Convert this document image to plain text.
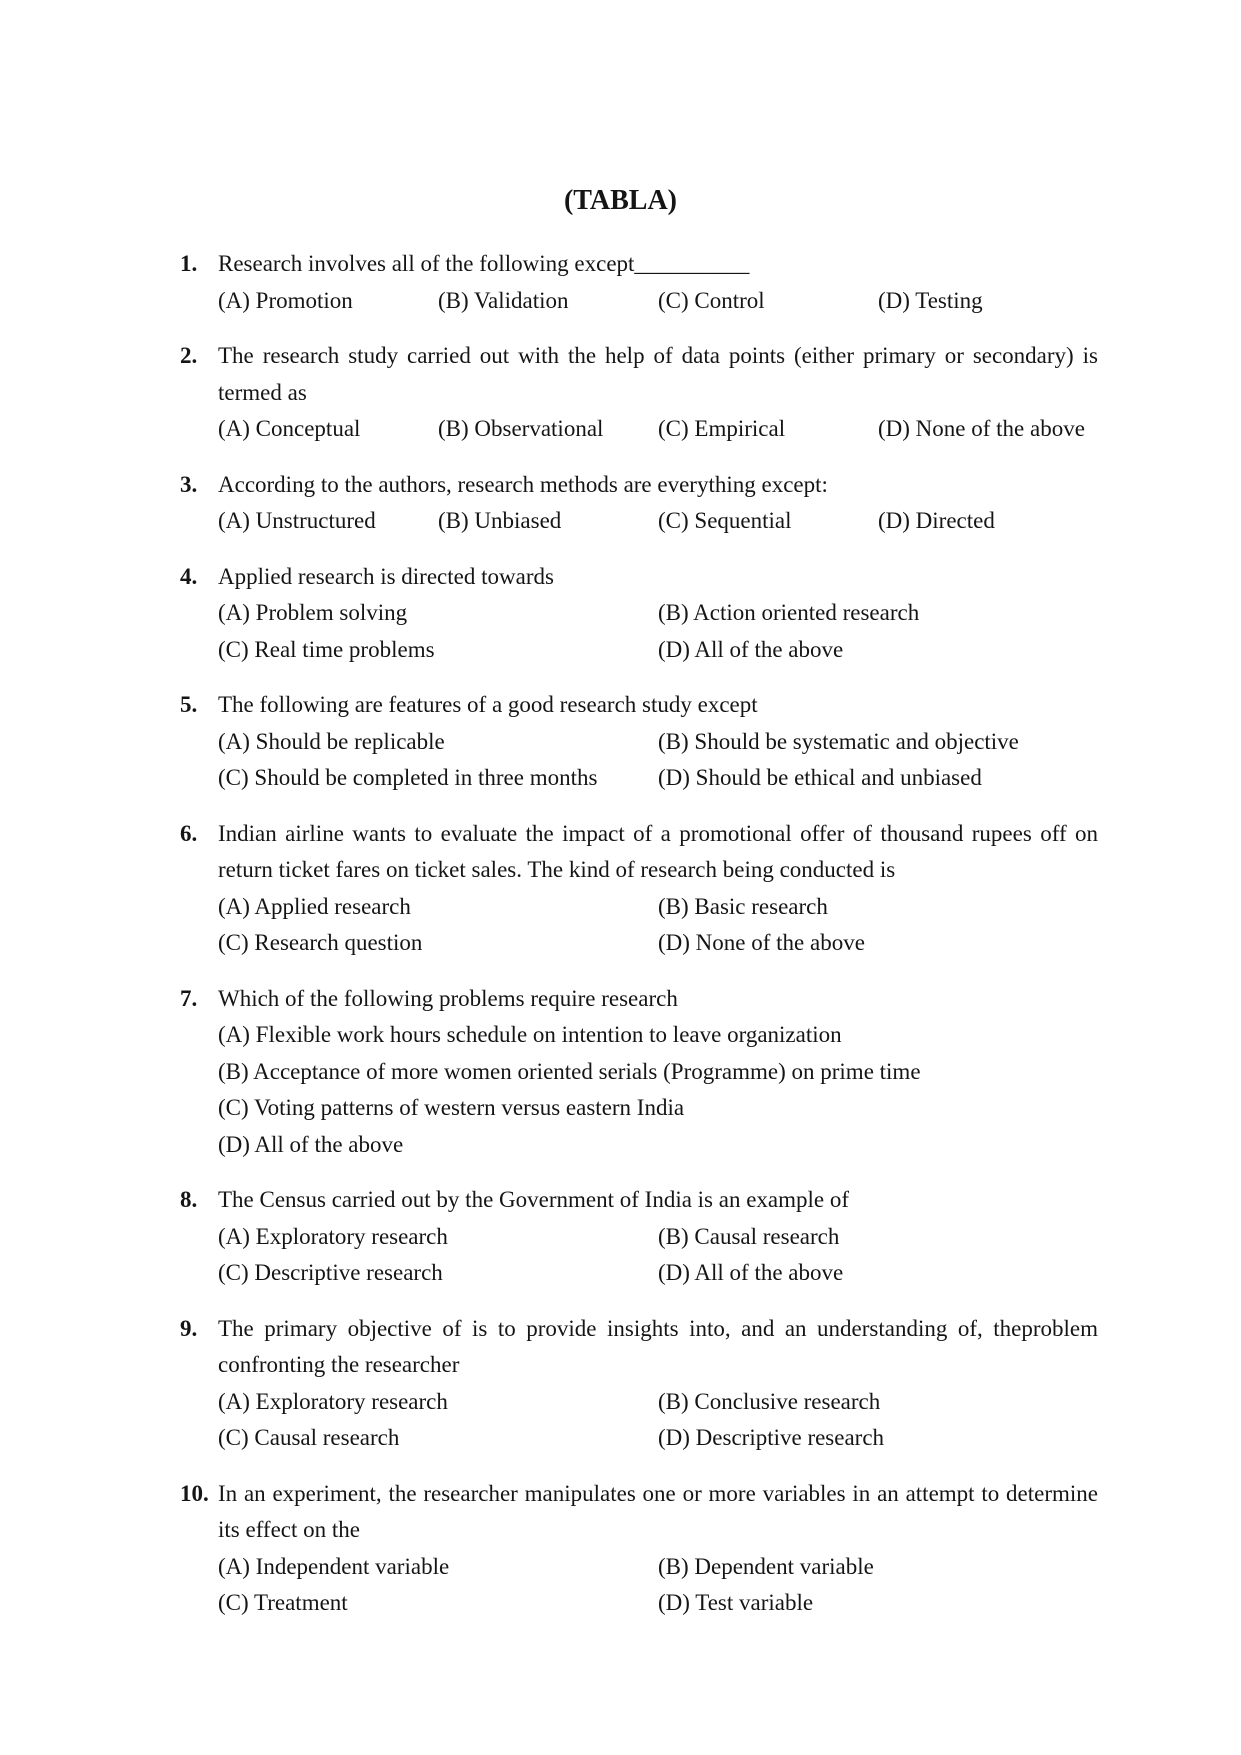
(TABLA)
1. Research involves all of the following except__________
(A) Promotion	(B) Validation	(C) Control	(D) Testing
2. The research study carried out with the help of data points (either primary or secondary) is termed as
(A) Conceptual	(B) Observational	(C) Empirical	(D) None of the above
3. According to the authors, research methods are everything except:
(A) Unstructured	(B) Unbiased	(C) Sequential	(D) Directed
4. Applied research is directed towards
(A) Problem solving	(B) Action oriented research
(C) Real time problems	(D) All of the above
5. The following are features of a good research study except
(A) Should be replicable	(B) Should be systematic and objective
(C) Should be completed in three months	(D) Should be ethical and unbiased
6. Indian airline wants to evaluate the impact of a promotional offer of thousand rupees off on return ticket fares on ticket sales. The kind of research being conducted is
(A) Applied research	(B) Basic research
(C) Research question	(D) None of the above
7. Which of the following problems require research
(A) Flexible work hours schedule on intention to leave organization
(B) Acceptance of more women oriented serials (Programme) on prime time
(C) Voting patterns of western versus eastern India
(D) All of the above
8. The Census carried out by the Government of India is an example of
(A) Exploratory research	(B) Causal research
(C) Descriptive research	(D) All of the above
9. The primary objective of is to provide insights into, and an understanding of, theproblem confronting the researcher
(A) Exploratory research	(B) Conclusive research
(C) Causal research	(D) Descriptive research
10. In an experiment, the researcher manipulates one or more variables in an attempt to determine its effect on the
(A) Independent variable	(B) Dependent variable
(C) Treatment	(D) Test variable
